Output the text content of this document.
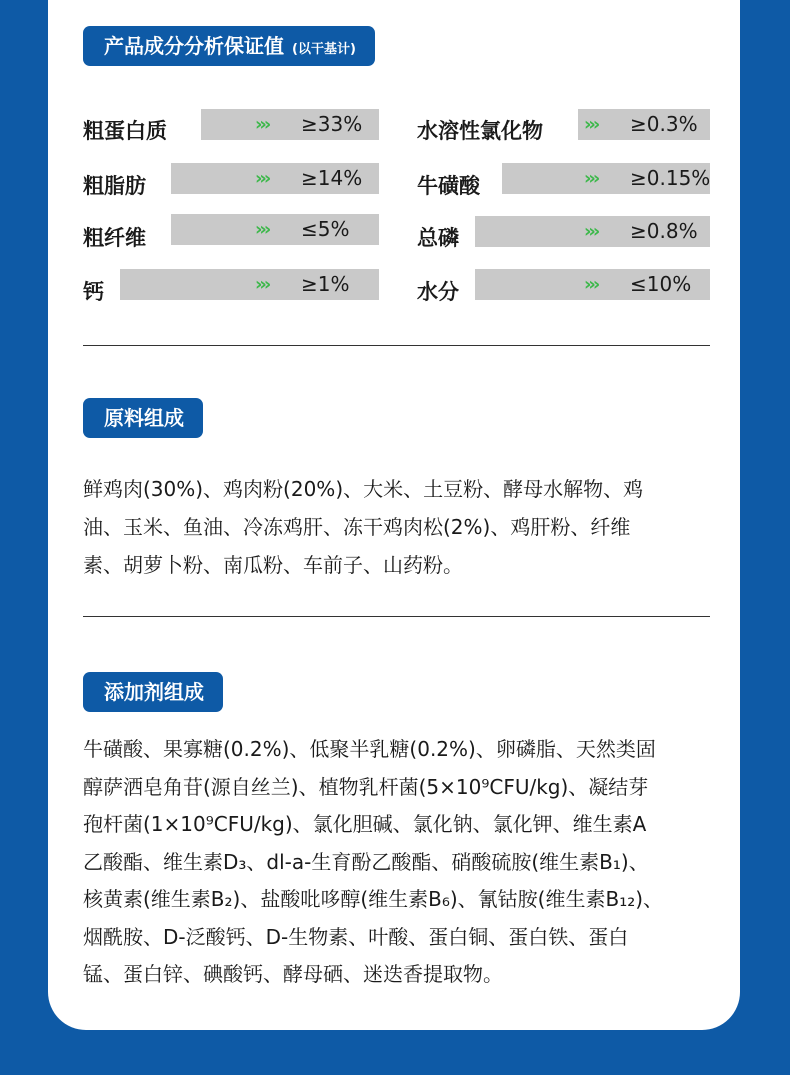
产品成分分析保证值 (以干基计)
粗蛋白质	››› ≥33%
粗脂肪	››› ≥14%
粗纤维	››› ≤5%
钙	››› ≥1%
水溶性氯化物 ››› ≥0.3%
牛磺酸	››› ≥0.15%
总磷	››› ≥0.8%
水分	››› ≤10%
原料组成
鲜鸡肉(30%)、鸡肉粉(20%)、大米、土豆粉、酵母水解物、鸡
油、玉米、鱼油、冷冻鸡肝、冻干鸡肉松(2%)、鸡肝粉、纤维
素、胡萝卜粉、南瓜粉、车前子、山药粉。
添加剂组成
牛磺酸、果寡糖(0.2%)、低聚半乳糖(0.2%)、卵磷脂、天然类固
醇萨洒皂角苷(源自丝兰)、植物乳杆菌(5×10⁹CFU/kg)、凝结芽
孢杆菌(1×10⁹CFU/kg)、氯化胆碱、氯化钠、氯化钾、维生素A
乙酸酯、维生素D₃、dl-a-生育酚乙酸酯、硝酸硫胺(维生素B₁)、
核黄素(维生素B₂)、盐酸吡哆醇(维生素B₆)、氰钴胺(维生素B₁₂)、
烟酰胺、D-泛酸钙、D-生物素、叶酸、蛋白铜、蛋白铁、蛋白
锰、蛋白锌、碘酸钙、酵母硒、迷迭香提取物。
